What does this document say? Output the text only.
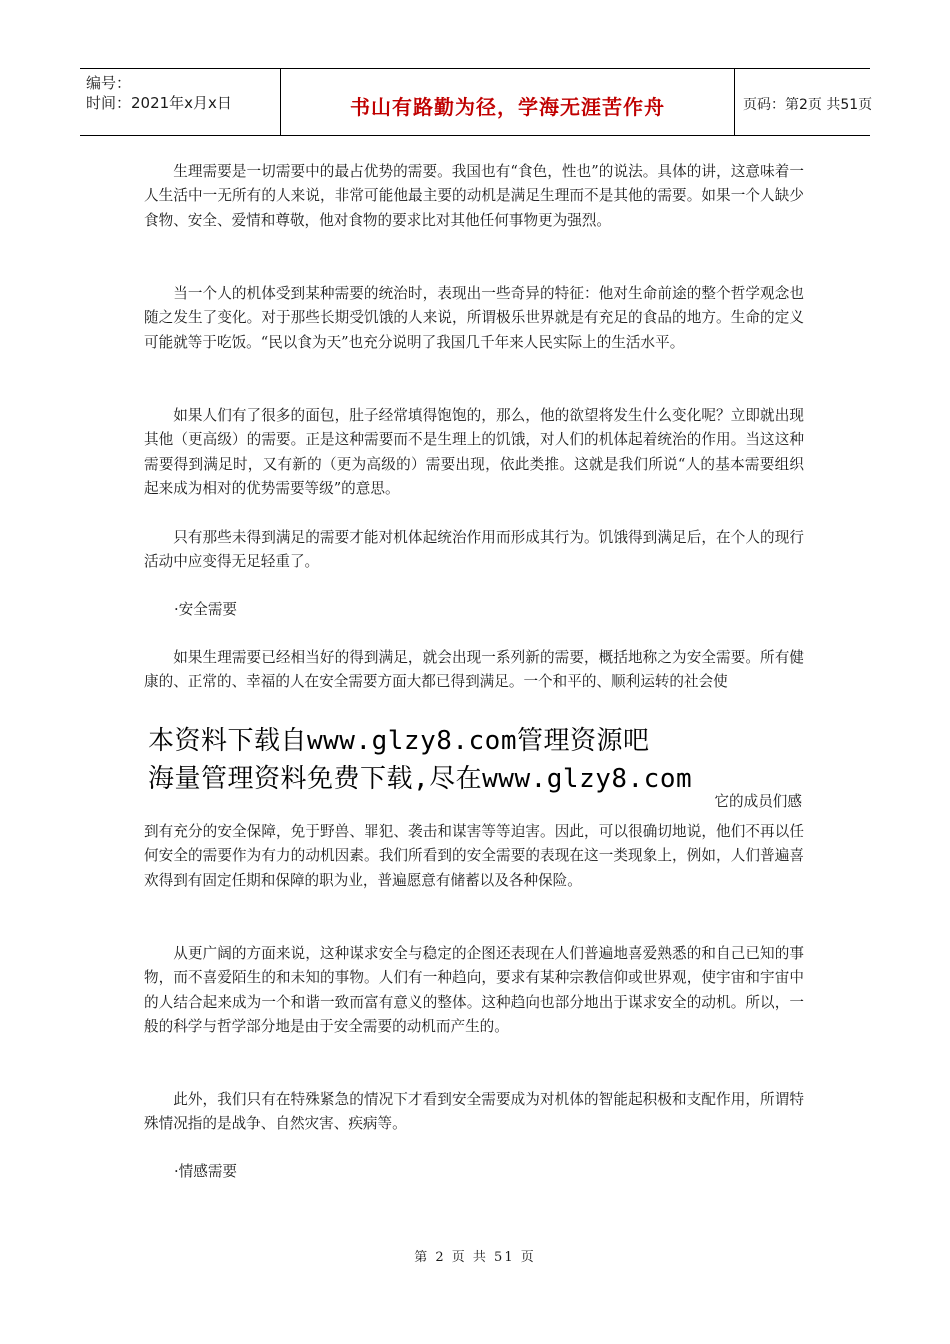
编号：
时间：2021年x月x日	书山有路勤为径，学海无涯苦作舟	页码：第2页 共51页

生理需要是一切需要中的最占优势的需要。我国也有“食色，性也”的说法。具体的讲，这意味着一人生活中一无所有的人来说，非常可能他最主要的动机是满足生理而不是其他的需要。如果一个人缺少食物、安全、爱情和尊敬，他对食物的要求比对其他任何事物更为强烈。

当一个人的机体受到某种需要的统治时，表现出一些奇异的特征：他对生命前途的整个哲学观念也随之发生了变化。对于那些长期受饥饿的人来说，所谓极乐世界就是有充足的食品的地方。生命的定义可能就等于吃饭。“民以食为天”也充分说明了我国几千年来人民实际上的生活水平。

如果人们有了很多的面包，肚子经常填得饱饱的，那么，他的欲望将发生什么变化呢？立即就出现其他（更高级）的需要。正是这种需要而不是生理上的饥饿，对人们的机体起着统治的作用。当这这种需要得到满足时，又有新的（更为高级的）需要出现，依此类推。这就是我们所说“人的基本需要组织起来成为相对的优势需要等级”的意思。

只有那些未得到满足的需要才能对机体起统治作用而形成其行为。饥饿得到满足后，在个人的现行活动中应变得无足轻重了。

·安全需要

如果生理需要已经相当好的得到满足，就会出现一系列新的需要，概括地称之为安全需要。所有健康的、正常的、幸福的人在安全需要方面大都已得到满足。一个和平的、顺利运转的社会使

本资料下载自www.glzy8.com管理资源吧
海量管理资料免费下载,尽在www.glzy8.com

它的成员们感

到有充分的安全保障，免于野兽、罪犯、袭击和谋害等等迫害。因此，可以很确切地说，他们不再以任何安全的需要作为有力的动机因素。我们所看到的安全需要的表现在这一类现象上，例如，人们普遍喜欢得到有固定任期和保障的职为业，普遍愿意有储蓄以及各种保险。

从更广阔的方面来说，这种谋求安全与稳定的企图还表现在人们普遍地喜爱熟悉的和自己已知的事物，而不喜爱陌生的和未知的事物。人们有一种趋向，要求有某种宗教信仰或世界观，使宇宙和宇宙中的人结合起来成为一个和谐一致而富有意义的整体。这种趋向也部分地出于谋求安全的动机。所以，一般的科学与哲学部分地是由于安全需要的动机而产生的。

此外，我们只有在特殊紧急的情况下才看到安全需要成为对机体的智能起积极和支配作用，所谓特殊情况指的是战争、自然灾害、疾病等。

·情感需要

第 2 页 共 51 页
